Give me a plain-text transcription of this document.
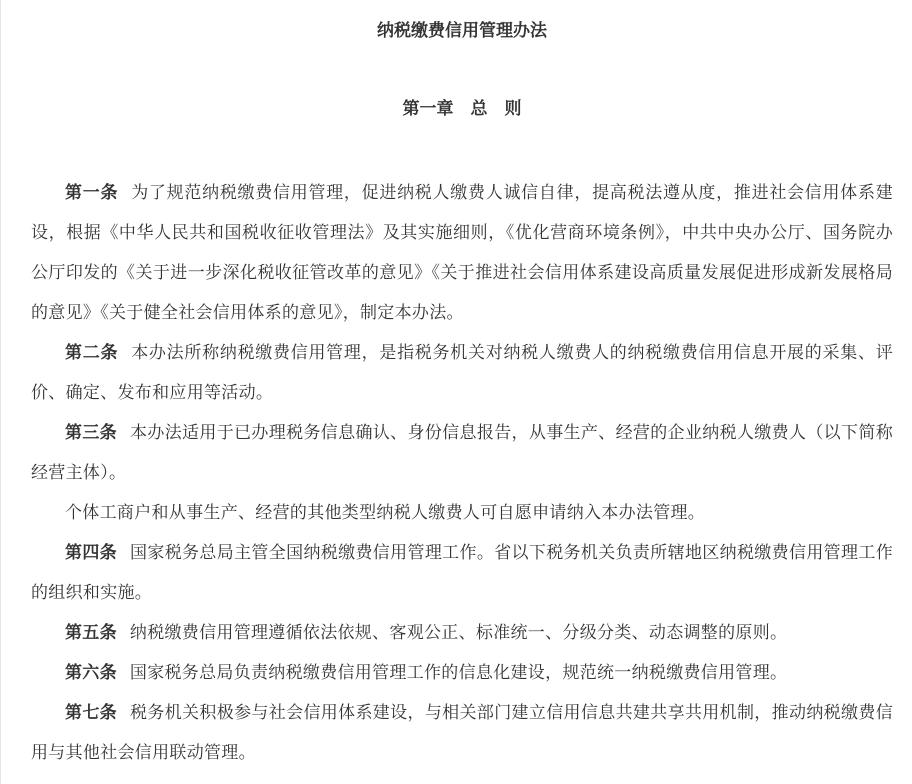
纳税缴费信用管理办法
第一章　总　则

第一条 为了规范纳税缴费信用管理，促进纳税人缴费人诚信自律，提高税法遵从度，推进社会信用体系建设，根据《中华人民共和国税收征收管理法》及其实施细则，《优化营商环境条例》，中共中央办公厅、国务院办公厅印发的《关于进一步深化税收征管改革的意见》《关于推进社会信用体系建设高质量发展促进形成新发展格局的意见》《关于健全社会信用体系的意见》，制定本办法。

第二条 本办法所称纳税缴费信用管理，是指税务机关对纳税人缴费人的纳税缴费信用信息开展的采集、评价、确定、发布和应用等活动。

第三条 本办法适用于已办理税务信息确认、身份信息报告，从事生产、经营的企业纳税人缴费人（以下简称经营主体）。

个体工商户和从事生产、经营的其他类型纳税人缴费人可自愿申请纳入本办法管理。

第四条 国家税务总局主管全国纳税缴费信用管理工作。省以下税务机关负责所辖地区纳税缴费信用管理工作的组织和实施。

第五条 纳税缴费信用管理遵循依法依规、客观公正、标准统一、分级分类、动态调整的原则。

第六条 国家税务总局负责纳税缴费信用管理工作的信息化建设，规范统一纳税缴费信用管理。

第七条 税务机关积极参与社会信用体系建设，与相关部门建立信用信息共建共享共用机制，推动纳税缴费信用与其他社会信用联动管理。
